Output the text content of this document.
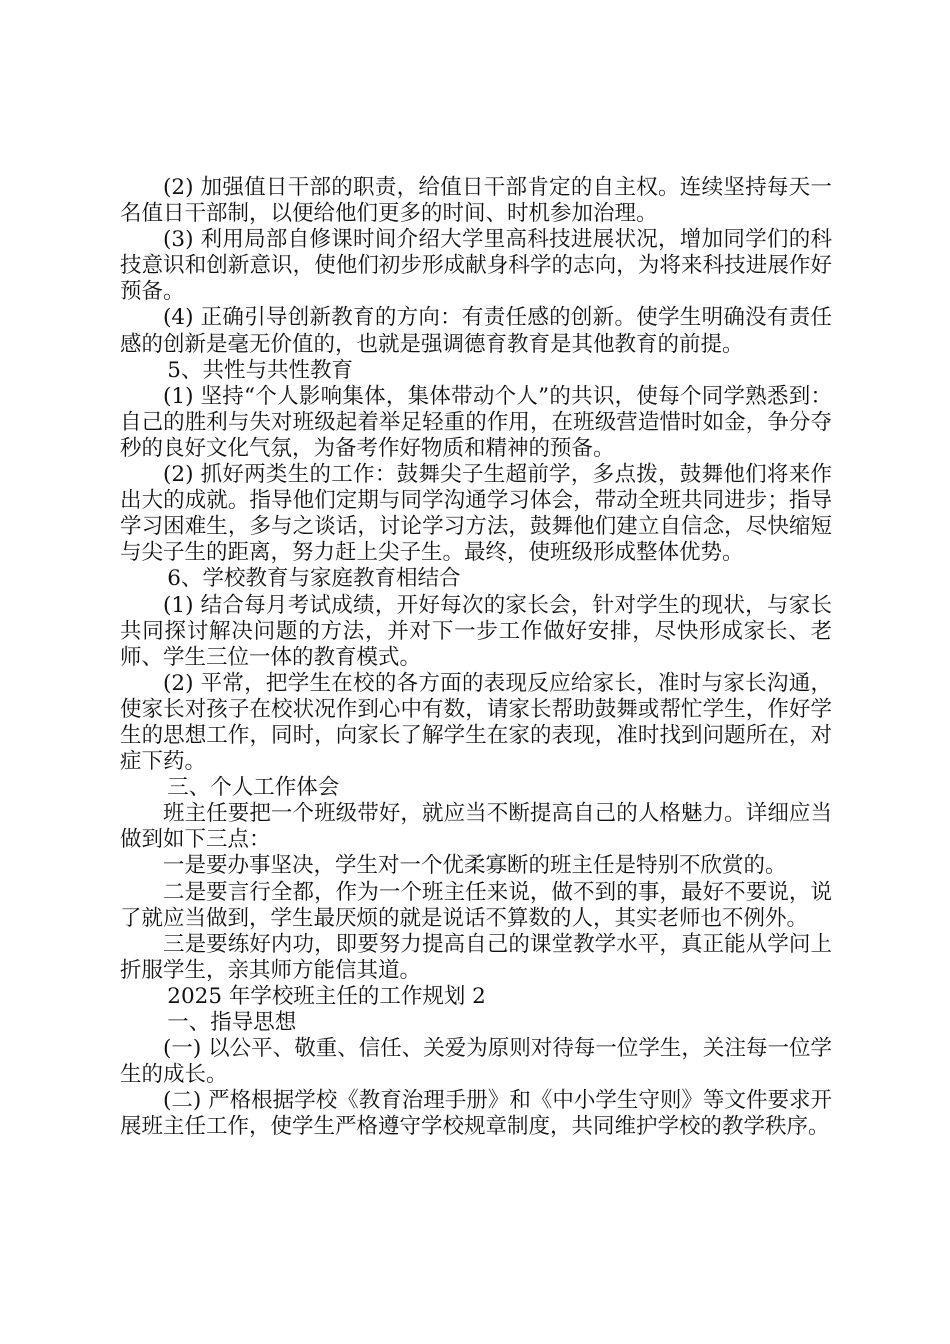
(2) 加强值日干部的职责，给值日干部肯定的自主权。连续坚持每天一名值日干部制，以便给他们更多的时间、时机参加治理。

(3) 利用局部自修课时间介绍大学里高科技进展状况，增加同学们的科技意识和创新意识，使他们初步形成献身科学的志向，为将来科技进展作好预备。

(4) 正确引导创新教育的方向：有责任感的创新。使学生明确没有责任感的创新是毫无价值的，也就是强调德育教育是其他教育的前提。

5、共性与共性教育

(1) 坚持“个人影响集体，集体带动个人”的共识，使每个同学熟悉到：自己的胜利与失对班级起着举足轻重的作用，在班级营造惜时如金，争分夺秒的良好文化气氛，为备考作好物质和精神的预备。

(2) 抓好两类生的工作：鼓舞尖子生超前学，多点拨，鼓舞他们将来作出大的成就。指导他们定期与同学沟通学习体会，带动全班共同进步；指导学习困难生，多与之谈话，讨论学习方法，鼓舞他们建立自信念，尽快缩短与尖子生的距离，努力赶上尖子生。最终，使班级形成整体优势。

6、学校教育与家庭教育相结合

(1) 结合每月考试成绩，开好每次的家长会，针对学生的现状，与家长共同探讨解决问题的方法，并对下一步工作做好安排，尽快形成家长、老师、学生三位一体的教育模式。

(2) 平常，把学生在校的各方面的表现反应给家长，准时与家长沟通，使家长对孩子在校状况作到心中有数，请家长帮助鼓舞或帮忙学生，作好学生的思想工作，同时，向家长了解学生在家的表现，准时找到问题所在，对症下药。

三、个人工作体会

班主任要把一个班级带好，就应当不断提高自己的人格魅力。详细应当做到如下三点：

一是要办事坚决，学生对一个优柔寡断的班主任是特别不欣赏的。

二是要言行全都，作为一个班主任来说，做不到的事，最好不要说，说了就应当做到，学生最厌烦的就是说话不算数的人，其实老师也不例外。

三是要练好内功，即要努力提高自己的课堂教学水平，真正能从学问上折服学生，亲其师方能信其道。

2025 年学校班主任的工作规划 2

一、指导思想

(一) 以公平、敬重、信任、关爱为原则对待每一位学生，关注每一位学生的成长。

(二) 严格根据学校《教育治理手册》和《中小学生守则》等文件要求开展班主任工作，使学生严格遵守学校规章制度，共同维护学校的教学秩序。
